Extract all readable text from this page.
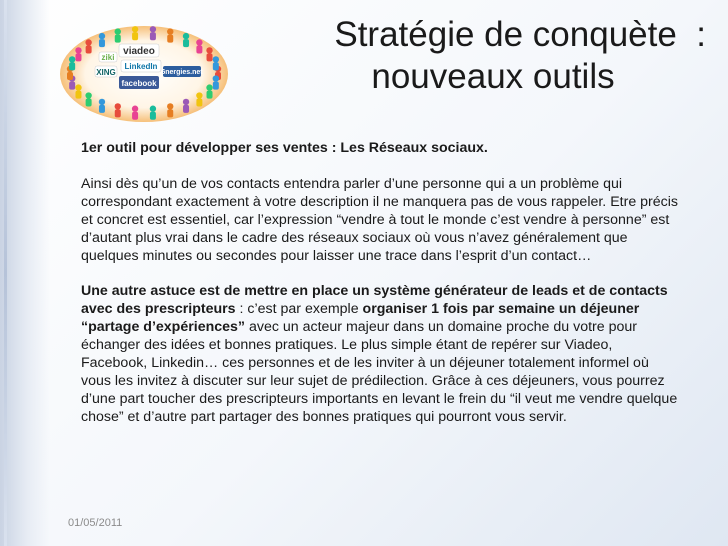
ziki
viadeo
XING
LinkedIn
facebook
6nergies.net
Stratégie de conquète  :
nouveaux outils

1er outil pour développer ses ventes : Les Réseaux sociaux.

Ainsi dès qu’un de vos contacts entendra parler d’une personne qui a un problème qui correspondant exactement à votre description il ne manquera pas de vous rappeler. Etre précis et concret est essentiel, car l’expression “vendre à tout le monde c’est vendre à personne” est d’autant plus vrai dans le cadre des réseaux sociaux où vous n’avez généralement que quelques minutes ou secondes pour laisser une trace dans l’esprit d’un contact…

Une autre astuce est de mettre en place un système générateur de leads et de contacts avec des prescripteurs : c’est par exemple organiser 1 fois par semaine un déjeuner “partage d’expériences” avec un acteur majeur dans un domaine proche du votre pour échanger des idées et bonnes pratiques. Le plus simple étant de repérer sur Viadeo, Facebook, Linkedin… ces personnes et de les inviter à un déjeuner totalement informel où vous les invitez à discuter sur leur sujet de prédilection. Grâce à ces déjeuners, vous pourrez d’une part toucher des prescripteurs importants en levant le frein du “il veut me vendre quelque chose” et d’autre part partager des bonnes pratiques qui pourront vous servir.

01/05/2011
